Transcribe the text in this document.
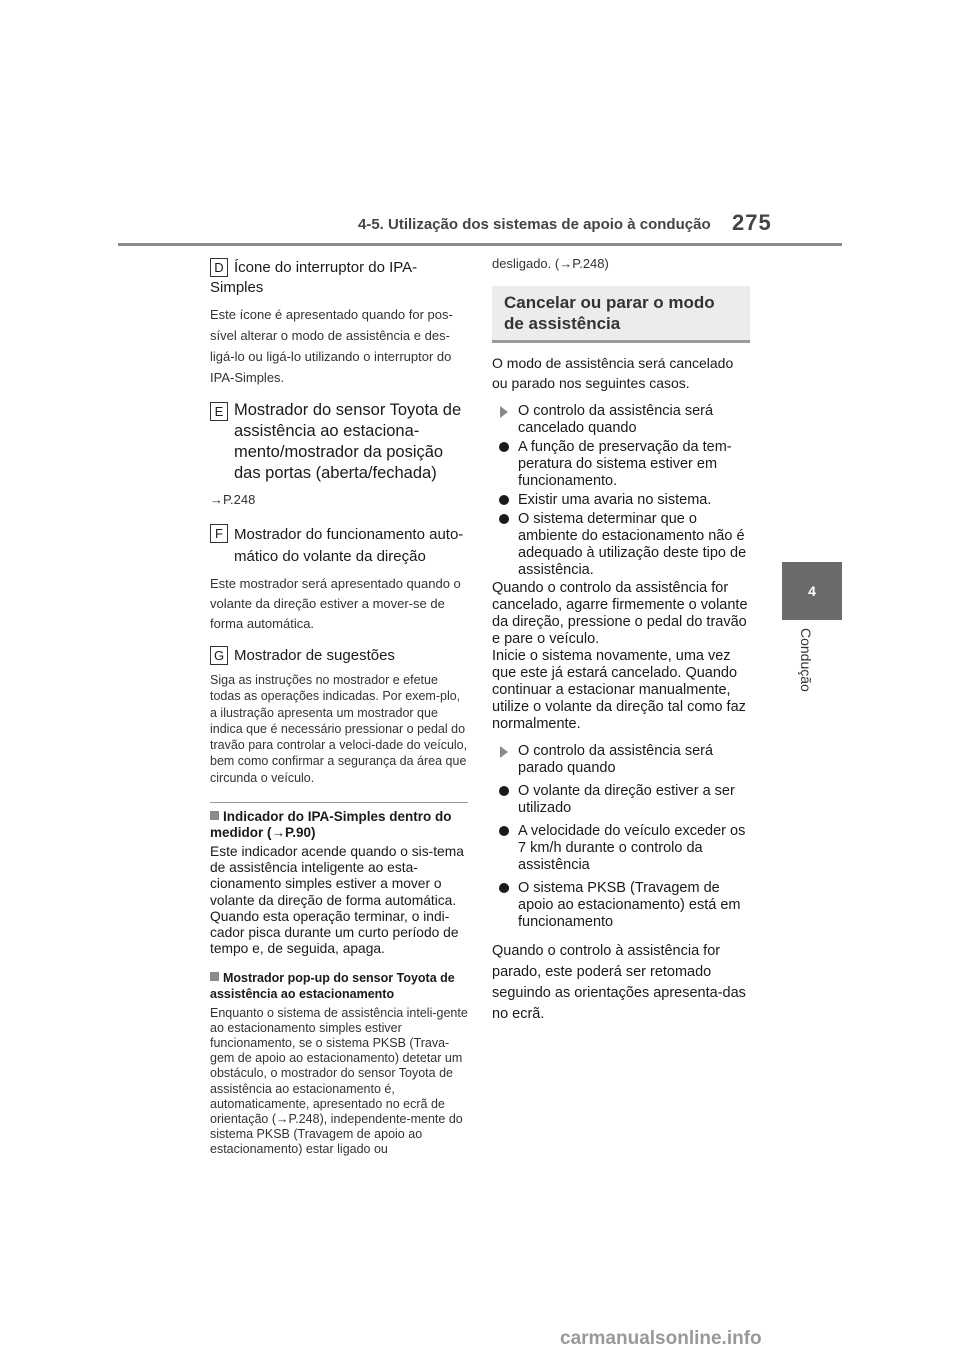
4-5. Utilização dos sistemas de apoio à condução 275
4
Condução
D Ícone do interruptor do IPA-Simples
Este ícone é apresentado quando for pos-sível alterar o modo de assistência e des-ligá-lo ou ligá-lo utilizando o interruptor do IPA-Simples.
E Mostrador do sensor Toyota de assistência ao estaciona-mento/mostrador da posição das portas (aberta/fechada)
→P.248
F Mostrador do funcionamento auto-mático do volante da direção
Este mostrador será apresentado quando o volante da direção estiver a mover-se de forma automática.
G Mostrador de sugestões
Siga as instruções no mostrador e efetue todas as operações indicadas. Por exem-plo, a ilustração apresenta um mostrador que indica que é necessário pressionar o pedal do travão para controlar a veloci-dade do veículo, bem como confirmar a segurança da área que circunda o veículo.
Indicador do IPA-Simples dentro do medidor (→P.90)
Este indicador acende quando o sis-tema de assistência inteligente ao esta-cionamento simples estiver a mover o volante da direção de forma automática. Quando esta operação terminar, o indi-cador pisca durante um curto período de tempo e, de seguida, apaga.
Mostrador pop-up do sensor Toyota de assistência ao estacionamento
Enquanto o sistema de assistência inteli-gente ao estacionamento simples estiver funcionamento, se o sistema PKSB (Trava-gem de apoio ao estacionamento) detetar um obstáculo, o mostrador do sensor Toyota de assistência ao estacionamento é, automaticamente, apresentado no ecrã de orientação (→P.248), independente-mente do sistema PKSB (Travagem de apoio ao estacionamento) estar ligado ou
desligado. (→P.248)
Cancelar ou parar o modo de assistência
O modo de assistência será cancelado ou parado nos seguintes casos.
O controlo da assistência será cancelado quando
A função de preservação da tem-peratura do sistema estiver em funcionamento.
Existir uma avaria no sistema.
O sistema determinar que o ambiente do estacionamento não é adequado à utilização deste tipo de assistência.
Quando o controlo da assistência for cancelado, agarre firmemente o volante da direção, pressione o pedal do travão e pare o veículo.
Inicie o sistema novamente, uma vez que este já estará cancelado. Quando continuar a estacionar manualmente, utilize o volante da direção tal como faz normalmente.
O controlo da assistência será parado quando
O volante da direção estiver a ser utilizado
A velocidade do veículo exceder os 7 km/h durante o controlo da assistência
O sistema PKSB (Travagem de apoio ao estacionamento) está em funcionamento
Quando o controlo à assistência for parado, este poderá ser retomado seguindo as orientações apresenta-das no ecrã.
carmanualsonline.info
